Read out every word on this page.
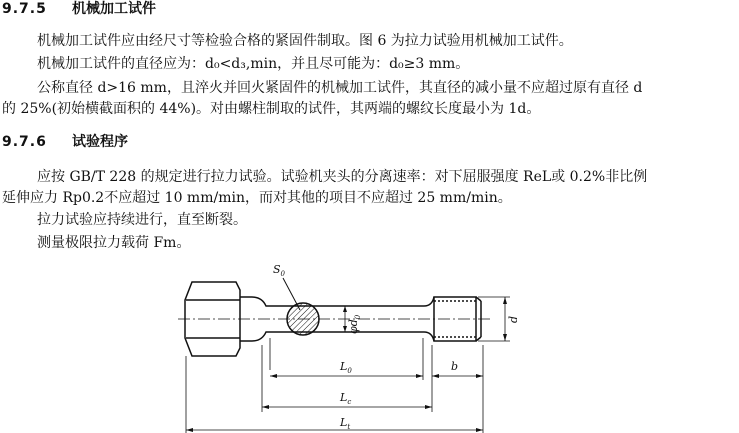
9.7.5 机械加工试件
机械加工试件应由经尺寸等检验合格的紧固件制取。图 6 为拉力试验用机械加工试件。
机械加工试件的直径应为：d₀<d₃,min，并且尽可能为：d₀≥3 mm。
公称直径 d>16 mm，且淬火并回火紧固件的机械加工试件，其直径的减小量不应超过原有直径 d
的 25%(初始横截面积的 44%)。对由螺柱制取的试件，其两端的螺纹长度最小为 1d。
9.7.6 试验程序
应按 GB/T 228 的规定进行拉力试验。试验机夹头的分离速率：对下屈服强度 ReL或 0.2%非比例
延伸应力 Rp0.2不应超过 10 mm/min，而对其他的项目不应超过 25 mm/min。
拉力试验应持续进行，直至断裂。
测量极限拉力载荷 Fm。
$S_0$
$\varphi d_0$	d
$L_0$	b
$L_c$
$L_t$
